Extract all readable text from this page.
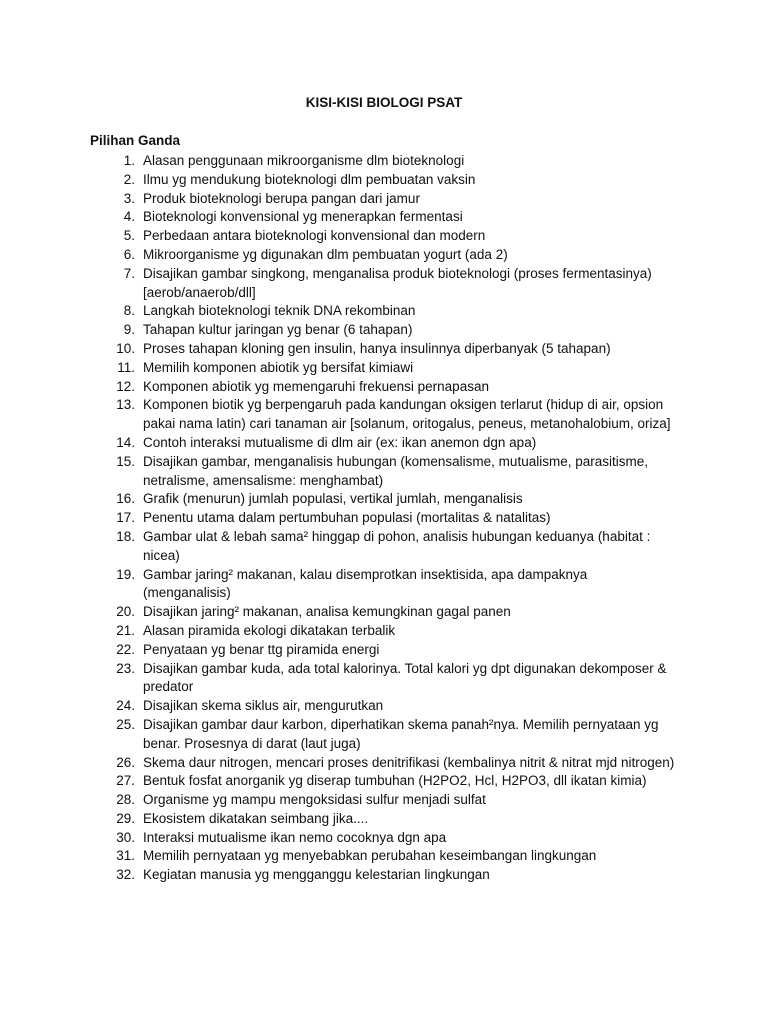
KISI-KISI BIOLOGI PSAT
Pilihan Ganda
1. Alasan penggunaan mikroorganisme dlm bioteknologi
2. Ilmu yg mendukung bioteknologi dlm pembuatan vaksin
3. Produk bioteknologi berupa pangan dari jamur
4. Bioteknologi konvensional yg menerapkan fermentasi
5. Perbedaan antara bioteknologi konvensional dan modern
6. Mikroorganisme yg digunakan dlm pembuatan yogurt (ada 2)
7. Disajikan gambar singkong, menganalisa produk bioteknologi (proses fermentasinya) [aerob/anaerob/dll]
8. Langkah bioteknologi teknik DNA rekombinan
9. Tahapan kultur jaringan yg benar (6 tahapan)
10. Proses tahapan kloning gen insulin, hanya insulinnya diperbanyak (5 tahapan)
11. Memilih komponen abiotik yg bersifat kimiawi
12. Komponen abiotik yg memengaruhi frekuensi pernapasan
13. Komponen biotik yg berpengaruh pada kandungan oksigen terlarut (hidup di air, opsion pakai nama latin) cari tanaman air [solanum, oritogalus, peneus, metanohalobium, oriza]
14. Contoh interaksi mutualisme di dlm air (ex: ikan anemon dgn apa)
15. Disajikan gambar, menganalisis hubungan (komensalisme, mutualisme, parasitisme, netralisme, amensalisme: menghambat)
16. Grafik (menurun) jumlah populasi, vertikal jumlah, menganalisis
17. Penentu utama dalam pertumbuhan populasi (mortalitas & natalitas)
18. Gambar ulat & lebah sama² hinggap di pohon, analisis hubungan keduanya (habitat : nicea)
19. Gambar jaring² makanan, kalau disemprotkan insektisida, apa dampaknya (menganalisis)
20. Disajikan jaring² makanan, analisa kemungkinan gagal panen
21. Alasan piramida ekologi dikatakan terbalik
22. Penyataan yg benar ttg piramida energi
23. Disajikan gambar kuda, ada total kalorinya. Total kalori yg dpt digunakan dekomposer & predator
24. Disajikan skema siklus air, mengurutkan
25. Disajikan gambar daur karbon, diperhatikan skema panah²nya. Memilih pernyataan yg benar. Prosesnya di darat (laut juga)
26. Skema daur nitrogen, mencari proses denitrifikasi (kembalinya nitrit & nitrat mjd nitrogen)
27. Bentuk fosfat anorganik yg diserap tumbuhan (H2PO2, Hcl, H2PO3, dll ikatan kimia)
28. Organisme yg mampu mengoksidasi sulfur menjadi sulfat
29. Ekosistem dikatakan seimbang jika....
30. Interaksi mutualisme ikan nemo cocoknya dgn apa
31. Memilih pernyataan yg menyebabkan perubahan keseimbangan lingkungan
32. Kegiatan manusia yg mengganggu kelestarian lingkungan
